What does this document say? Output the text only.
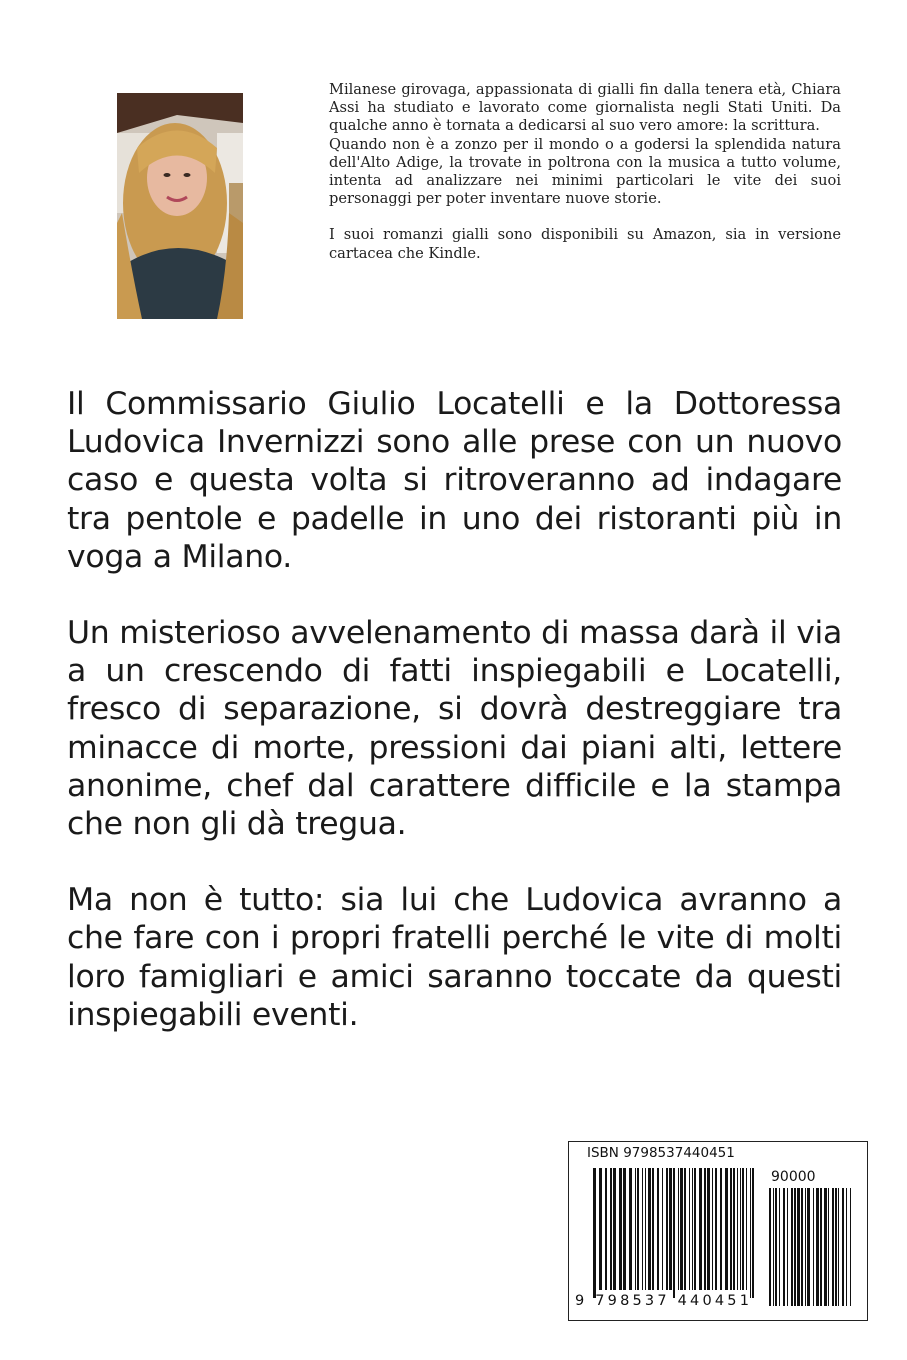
Milanese girovaga, appassionata di gialli fin dalla tenera età, Chiara Assi ha studiato e lavorato come giornalista negli Stati Uniti. Da qualche anno è tornata a dedicarsi al suo vero amore: la scrittura.

Quando non è a zonzo per il mondo o a godersi la splendida natura dell'Alto Adige, la trovate in poltrona con la musica a tutto volume, intenta ad analizzare nei minimi particolari le vite dei suoi personaggi per poter inventare nuove storie.

I suoi romanzi gialli sono disponibili su Amazon, sia in versione cartacea che Kindle.

Il Commissario Giulio Locatelli e la Dottoressa Ludovica Invernizzi sono alle prese con un nuovo caso e questa volta si ritroveranno ad indagare tra pentole e padelle in uno dei ristoranti più in voga a Milano.

Un misterioso avvelenamento di massa darà il via a un crescendo di fatti inspiegabili e Locatelli, fresco di separazione, si dovrà destreggiare tra minacce di morte, pressioni dai piani alti, lettere anonime, chef dal carattere difficile e la stampa che non gli dà tregua.

Ma non è tutto: sia lui che Ludovica avranno a che fare con i propri fratelli perché le vite di molti loro famigliari e amici saranno toccate da questi inspiegabili eventi.

ISBN 9798537440451
90000
9 798537 440451
